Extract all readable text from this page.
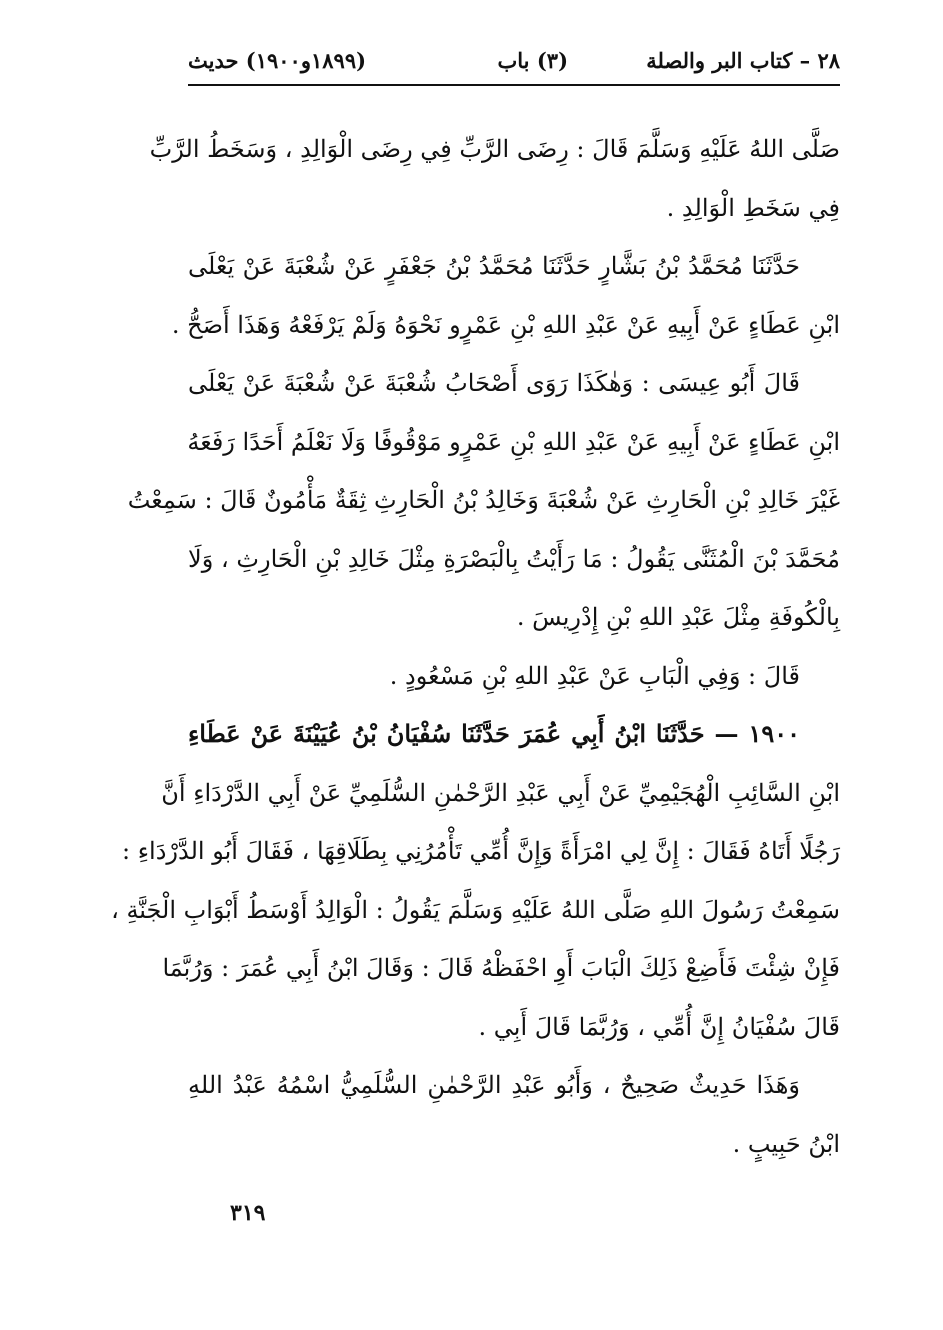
٢٨ – كتاب البر والصلة
(٣) باب
(١٨٩٩و١٩٠٠) حديث
صَلَّى اللهُ عَلَيْهِ وَسَلَّمَ قَالَ : رِضَى الرَّبِّ فِي رِضَى الْوَالِدِ ، وَسَخَطُ الرَّبِّ
فِي سَخَطِ الْوَالِدِ .
حَدَّثَنَا مُحَمَّدُ بْنُ بَشَّارٍ حَدَّثَنَا مُحَمَّدُ بْنُ جَعْفَرٍ عَنْ شُعْبَةَ عَنْ يَعْلَى
ابْنِ عَطَاءٍ عَنْ أَبِيهِ عَنْ عَبْدِ اللهِ بْنِ عَمْرٍو نَحْوَهُ وَلَمْ يَرْفَعْهُ وَهَذَا أَصَحُّ .
قَالَ أَبُو عِيسَى : وَهٰكَذَا رَوَى أَصْحَابُ شُعْبَةَ عَنْ شُعْبَةَ عَنْ يَعْلَى
ابْنِ عَطَاءٍ عَنْ أَبِيهِ عَنْ عَبْدِ اللهِ بْنِ عَمْرٍو مَوْقُوفًا وَلَا نَعْلَمُ أَحَدًا رَفَعَهُ
غَيْرَ خَالِدِ بْنِ الْحَارِثِ عَنْ شُعْبَةَ وَخَالِدُ بْنُ الْحَارِثِ ثِقَةٌ مَأْمُونٌ قَالَ : سَمِعْتُ
مُحَمَّدَ بْنَ الْمُثَنَّى يَقُولُ : مَا رَأَيْتُ بِالْبَصْرَةِ مِثْلَ خَالِدِ بْنِ الْحَارِثِ ، وَلَا
بِالْكُوفَةِ مِثْلَ عَبْدِ اللهِ بْنِ إِدْرِيسَ .
قَالَ : وَفِي الْبَابِ عَنْ عَبْدِ اللهِ بْنِ مَسْعُودٍ .
١٩٠٠ — حَدَّثَنَا ابْنُ أَبِي عُمَرَ حَدَّثَنَا سُفْيَانُ بْنُ عُيَيْنَةَ عَنْ عَطَاءِ
ابْنِ السَّائِبِ الْهُجَيْمِيِّ عَنْ أَبِي عَبْدِ الرَّحْمٰنِ السُّلَمِيِّ عَنْ أَبِي الدَّرْدَاءِ أَنَّ
رَجُلًا أَتَاهُ فَقَالَ : إِنَّ لِي امْرَأَةً وَإِنَّ أُمِّي تَأْمُرُنِي بِطَلَاقِهَا ، فَقَالَ أَبُو الدَّرْدَاءِ :
سَمِعْتُ رَسُولَ اللهِ صَلَّى اللهُ عَلَيْهِ وَسَلَّمَ يَقُولُ : الْوَالِدُ أَوْسَطُ أَبْوَابِ الْجَنَّةِ ،
فَإِنْ شِئْتَ فَأَضِعْ ذَلِكَ الْبَابَ أَوِ احْفَظْهُ قَالَ : وَقَالَ ابْنُ أَبِي عُمَرَ : وَرُبَّمَا
قَالَ سُفْيَانُ إِنَّ أُمِّي ، وَرُبَّمَا قَالَ أَبِي .
وَهَذَا حَدِيثٌ صَحِيحٌ ، وَأَبُو عَبْدِ الرَّحْمٰنِ السُّلَمِيُّ اسْمُهُ عَبْدُ اللهِ
ابْنُ حَبِيبٍ .
٣١٩
